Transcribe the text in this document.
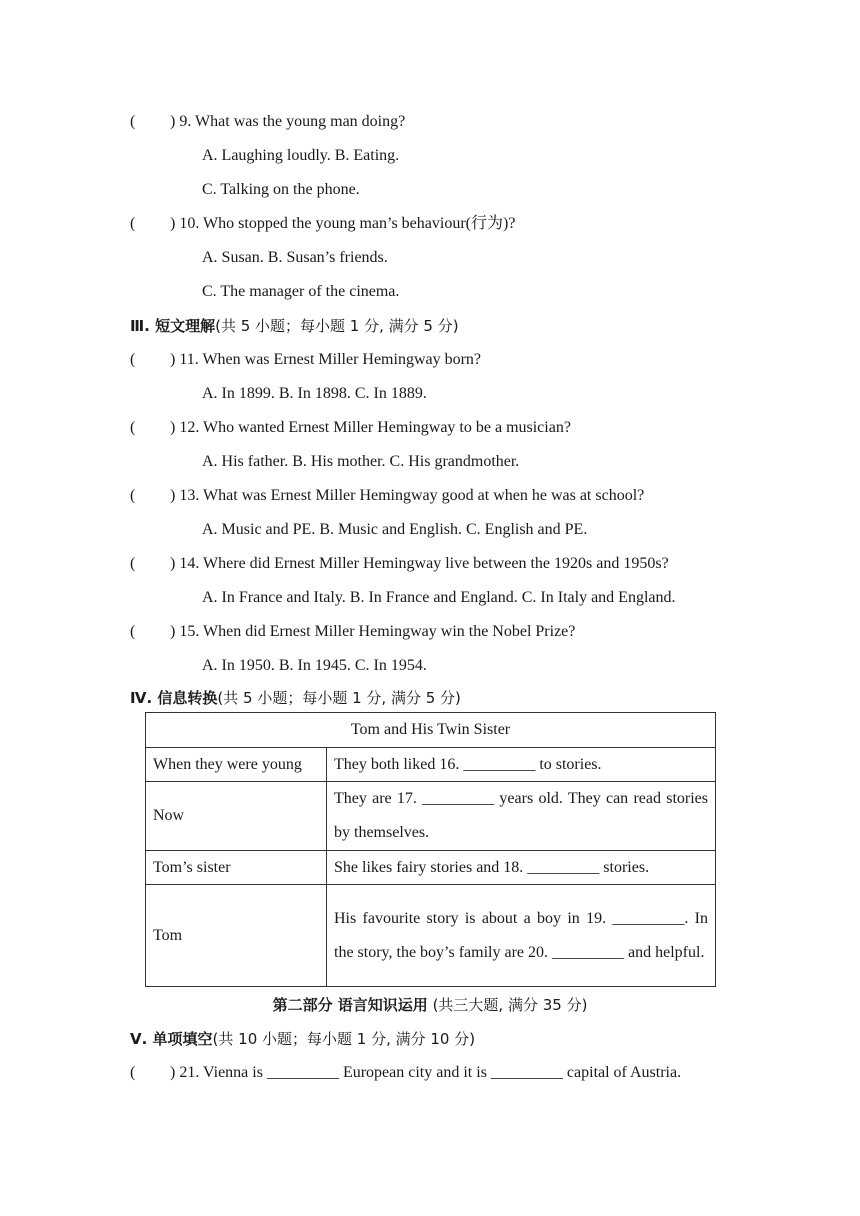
( ) 9. What was the young man doing?
A. Laughing loudly. B. Eating.
C. Talking on the phone.
( ) 10. Who stopped the young man’s behaviour(行为)?
A. Susan. B. Susan’s friends.
C. The manager of the cinema.
Ⅲ. 短文理解(共 5 小题；每小题 1 分, 满分 5 分)
( ) 11. When was Ernest Miller Hemingway born?
A. In 1899. B. In 1898. C. In 1889.
( ) 12. Who wanted Ernest Miller Hemingway to be a musician?
A. His father. B. His mother. C. His grandmother.
( ) 13. What was Ernest Miller Hemingway good at when he was at school?
A. Music and PE. B. Music and English. C. English and PE.
( ) 14. Where did Ernest Miller Hemingway live between the 1920s and 1950s?
A. In France and Italy. B. In France and England. C. In Italy and England.
( ) 15. When did Ernest Miller Hemingway win the Nobel Prize?
A. In 1950. B. In 1945. C. In 1954.
Ⅳ. 信息转换(共 5 小题；每小题 1 分, 满分 5 分)
Tom and His Twin Sister	
When they were young	They both liked 16. _________ to stories.
Now	They are 17. _________ years old. They can read stories by themselves.
Tom’s sister	She likes fairy stories and 18. _________ stories.
Tom	His favourite story is about a boy in 19. _________. In the story, the boy’s family are 20. _________ and helpful.
第二部分 语言知识运用 (共三大题, 满分 35 分)
Ⅴ. 单项填空(共 10 小题；每小题 1 分, 满分 10 分)
( ) 21. Vienna is _________ European city and it is _________ capital of Austria.
